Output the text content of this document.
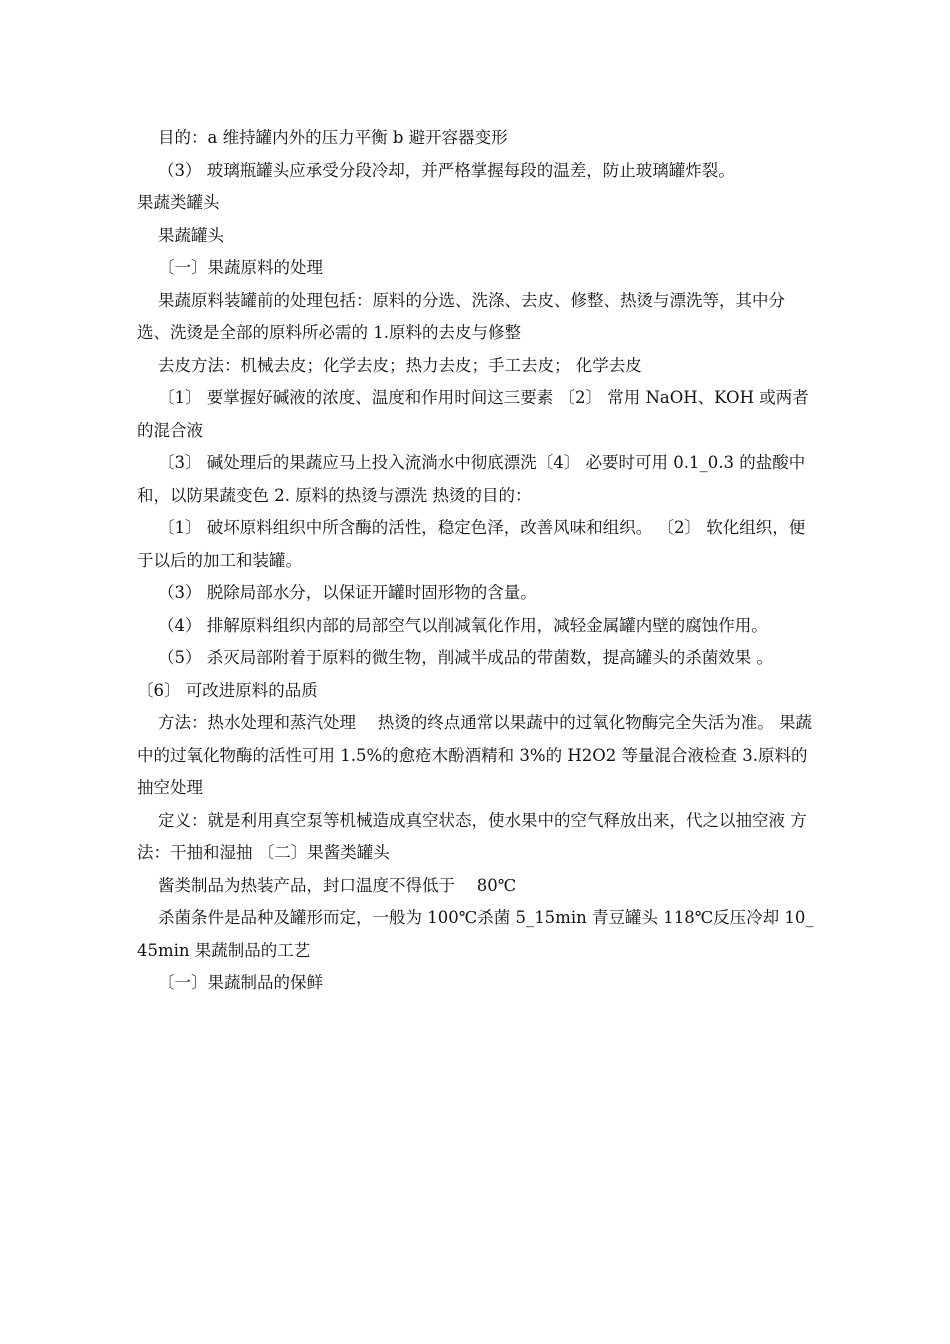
目的：a 维持罐内外的压力平衡 b 避开容器变形

（3） 玻璃瓶罐头应承受分段冷却，并严格掌握每段的温差，防止玻璃罐炸裂。

果蔬类罐头

果蔬罐头

〔一〕果蔬原料的处理

果蔬原料装罐前的处理包括：原料的分选、洗涤、去皮、修整、热烫与漂洗等，其中分选、洗烫是全部的原料所必需的 1.原料的去皮与修整

去皮方法：机械去皮；化学去皮；热力去皮；手工去皮； 化学去皮

〔1〕 要掌握好碱液的浓度、温度和作用时间这三要素 〔2〕 常用 NaOH、KOH 或两者的混合液

〔3〕 碱处理后的果蔬应马上投入流淌水中彻底漂洗〔4〕 必要时可用 0.1_0.3 的盐酸中和，以防果蔬变色 2. 原料的热烫与漂洗 热烫的目的：

〔1〕 破坏原料组织中所含酶的活性，稳定色泽，改善风味和组织。 〔2〕 软化组织，便于以后的加工和装罐。

（3） 脱除局部水分，以保证开罐时固形物的含量。

（4） 排解原料组织内部的局部空气以削减氧化作用，减轻金属罐内壁的腐蚀作用。

（5） 杀灭局部附着于原料的微生物，削减半成品的带菌数，提高罐头的杀菌效果 。 〔6〕 可改进原料的品质

方法：热水处理和蒸汽处理　 热烫的终点通常以果蔬中的过氧化物酶完全失活为准。 果蔬中的过氧化物酶的活性可用 1.5%的愈疮木酚酒精和 3%的 H2O2 等量混合液检查 3.原料的抽空处理

定义：就是利用真空泵等机械造成真空状态，使水果中的空气释放出来，代之以抽空液 方法：干抽和湿抽 〔二〕果酱类罐头

酱类制品为热装产品，封口温度不得低于　 80℃

杀菌条件是品种及罐形而定，一般为 100℃杀菌 5_15min 青豆罐头 118℃反压冷却 10_45min 果蔬制品的工艺

〔一〕果蔬制品的保鲜
